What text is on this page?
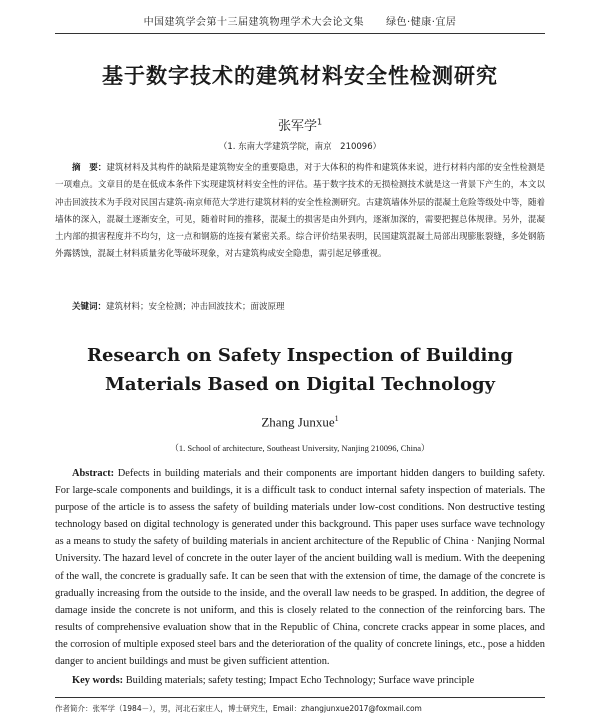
中国建筑学会第十三届建筑物理学术大会论文集 绿色·健康·宜居
基于数字技术的建筑材料安全性检测研究
张军学$^1$
（1. 东南大学建筑学院，南京　210096）
摘　要：建筑材料及其构件的缺陷是建筑物安全的重要隐患，对于大体积的构件和建筑体来说，进行材料内部的安全性检测是一项难点。文章目的是在低成本条件下实现建筑材料安全性的评估。基于数字技术的无损检测技术就是这一背景下产生的，本文以冲击回波技术为手段对民国古建筑-南京师范大学进行建筑材料的安全性检测研究。古建筑墙体外层的混凝土危险等级处中等，随着墙体的深入，混凝土逐渐安全，可见，随着时间的推移，混凝土的损害是由外到内，逐渐加深的，需要把握总体规律。另外，混凝土内部的损害程度并不均匀，这一点和钢筋的连接有紧密关系。综合评价结果表明，民国建筑混凝土局部出现膨胀裂缝，多处钢筋外露锈蚀，混凝土材料质量劣化等破坏现象，对古建筑构成安全隐患，需引起足够重视。
关键词：建筑材料；安全检测；冲击回波技术；面波原理
Research on Safety Inspection of Building
Materials Based on Digital Technology
Zhang Junxue$^1$
（1. School of architecture, Southeast University, Nanjing 210096, China）
Abstract: Defects in building materials and their components are important hidden dangers to building safety. For large-scale components and buildings, it is a difficult task to conduct internal safety inspection of materials. The purpose of the article is to assess the safety of building materials under low-cost conditions. Non destructive testing technology based on digital technology is generated under this background. This paper uses surface wave technology as a means to study the safety of building materials in ancient architecture of the Republic of China · Nanjing Normal University. The hazard level of concrete in the outer layer of the ancient building wall is medium. With the deepening of the wall, the concrete is gradually safe. It can be seen that with the extension of time, the damage of the concrete is gradually increasing from the outside to the inside, and the overall law needs to be grasped. In addition, the degree of damage inside the concrete is not uniform, and this is closely related to the connection of the reinforcing bars. The results of comprehensive evaluation show that in the Republic of China, concrete cracks appear in some places, and the corrosion of multiple exposed steel bars and the deterioration of the quality of concrete linings, etc., pose a hidden danger to ancient buildings and must be given sufficient attention.
Key words: Building materials; safety testing; Impact Echo Technology; Surface wave principle
作者简介：张军学（1984－），男，河北石家庄人，博士研究生，Email：zhangjunxue2017@foxmail.com
